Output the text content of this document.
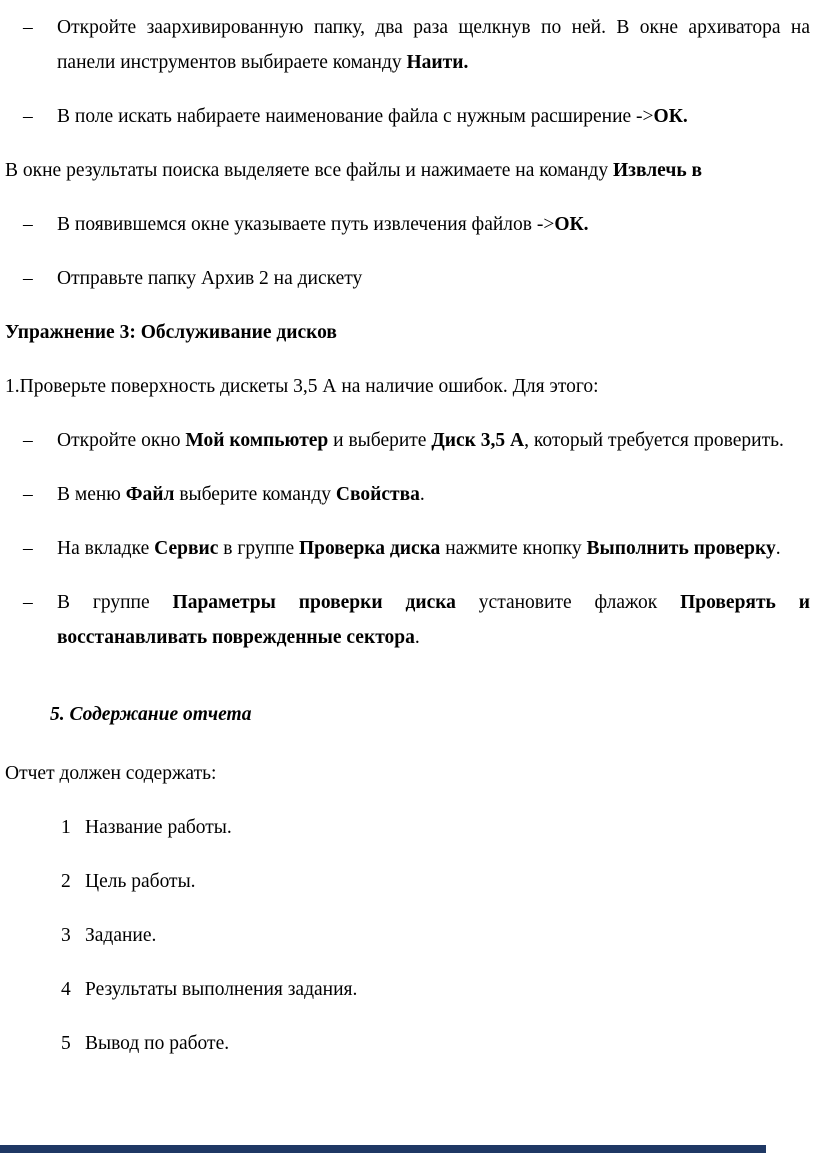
– Откройте заархивированную папку, два раза щелкнув по ней. В окне архиватора на панели инструментов выбираете команду Наити.
– В поле искать набираете наименование файла с нужным расширение ->ОК.
В окне результаты поиска выделяете все файлы и нажимаете на команду Извлечь в
– В появившемся окне указываете путь извлечения файлов ->ОК.
– Отправьте папку Архив 2 на дискету
Упражнение 3: Обслуживание дисков
1.Проверьте поверхность дискеты 3,5 А на наличие ошибок. Для этого:
– Откройте окно Мой компьютер и выберите Диск 3,5 А, который требуется проверить.
– В меню Файл выберите команду Свойства.
– На вкладке Сервис в группе Проверка диска нажмите кнопку Выполнить проверку.
– В группе Параметры проверки диска установите флажок Проверять и восстанавливать поврежденные сектора.
5. Содержание отчета
Отчет должен содержать:
1 Название работы.
2 Цель работы.
3 Задание.
4 Результаты выполнения задания.
5 Вывод по работе.
